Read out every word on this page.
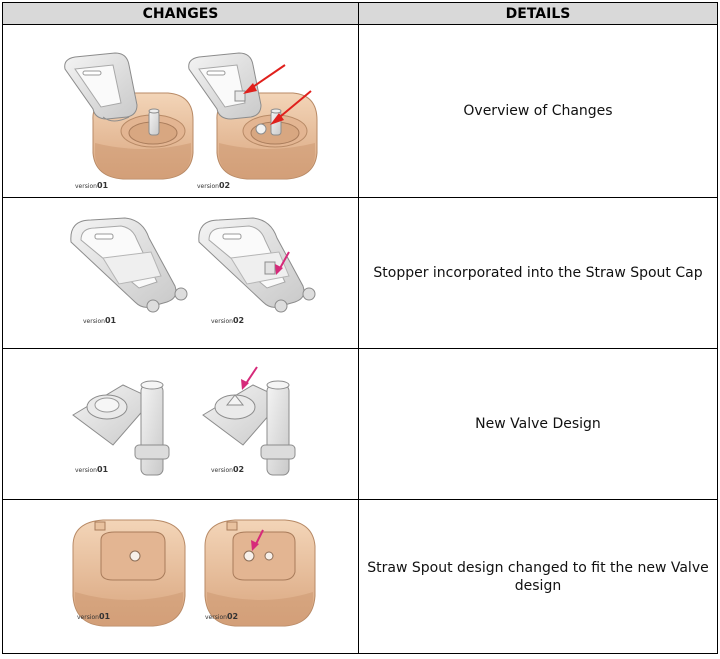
CHANGES	DETAILS

version01 version02	Overview of Changes

version01 version02	Stopper incorporated into the Straw Spout Cap

version01 version02	New Valve Design

version01 version02	Straw Spout design changed to fit the new Valve design
